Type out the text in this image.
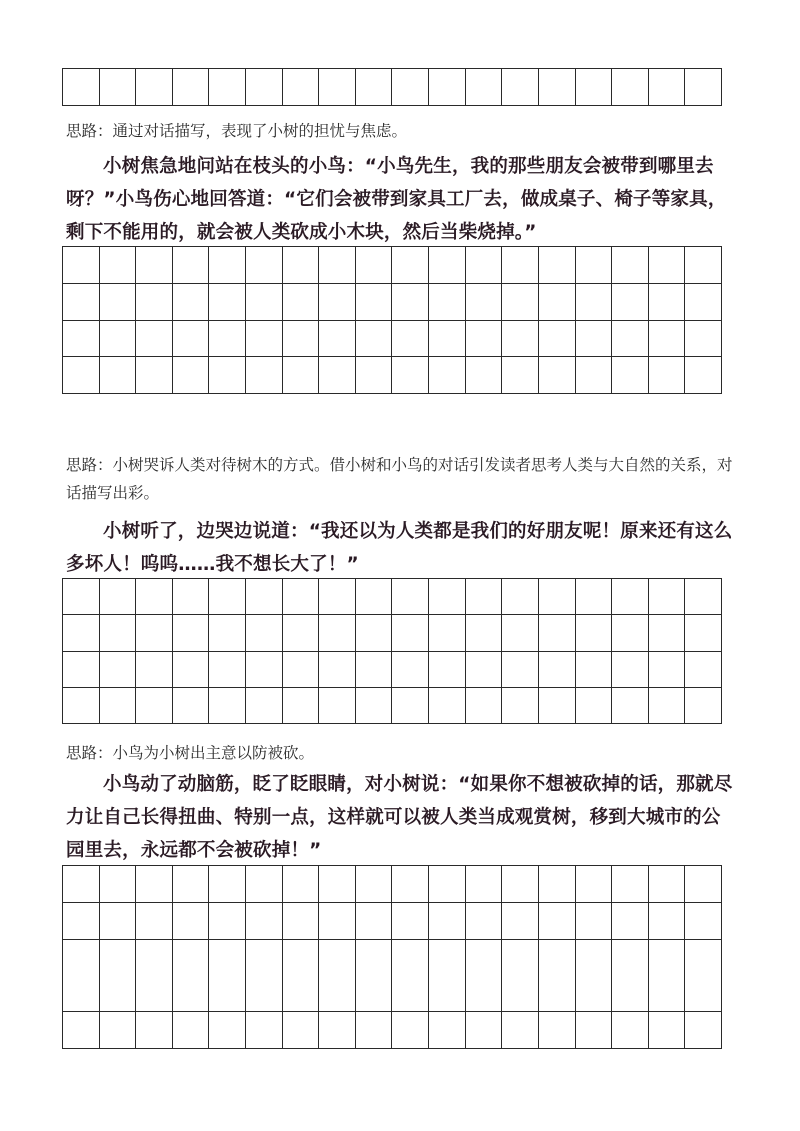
思路：通过对话描写，表现了小树的担忧与焦虑。

小树焦急地问站在枝头的小鸟：“小鸟先生，我的那些朋友会被带到哪里去呀？”小鸟伤心地回答道：“它们会被带到家具工厂去，做成桌子、椅子等家具，剩下不能用的，就会被人类砍成小木块，然后当柴烧掉。”

思路：小树哭诉人类对待树木的方式。借小树和小鸟的对话引发读者思考人类与大自然的关系，对话描写出彩。

小树听了，边哭边说道：“我还以为人类都是我们的好朋友呢！原来还有这么多坏人！呜呜……我不想长大了！”

思路：小鸟为小树出主意以防被砍。

小鸟动了动脑筋，眨了眨眼睛，对小树说：“如果你不想被砍掉的话，那就尽力让自己长得扭曲、特别一点，这样就可以被人类当成观赏树，移到大城市的公园里去，永远都不会被砍掉！”
